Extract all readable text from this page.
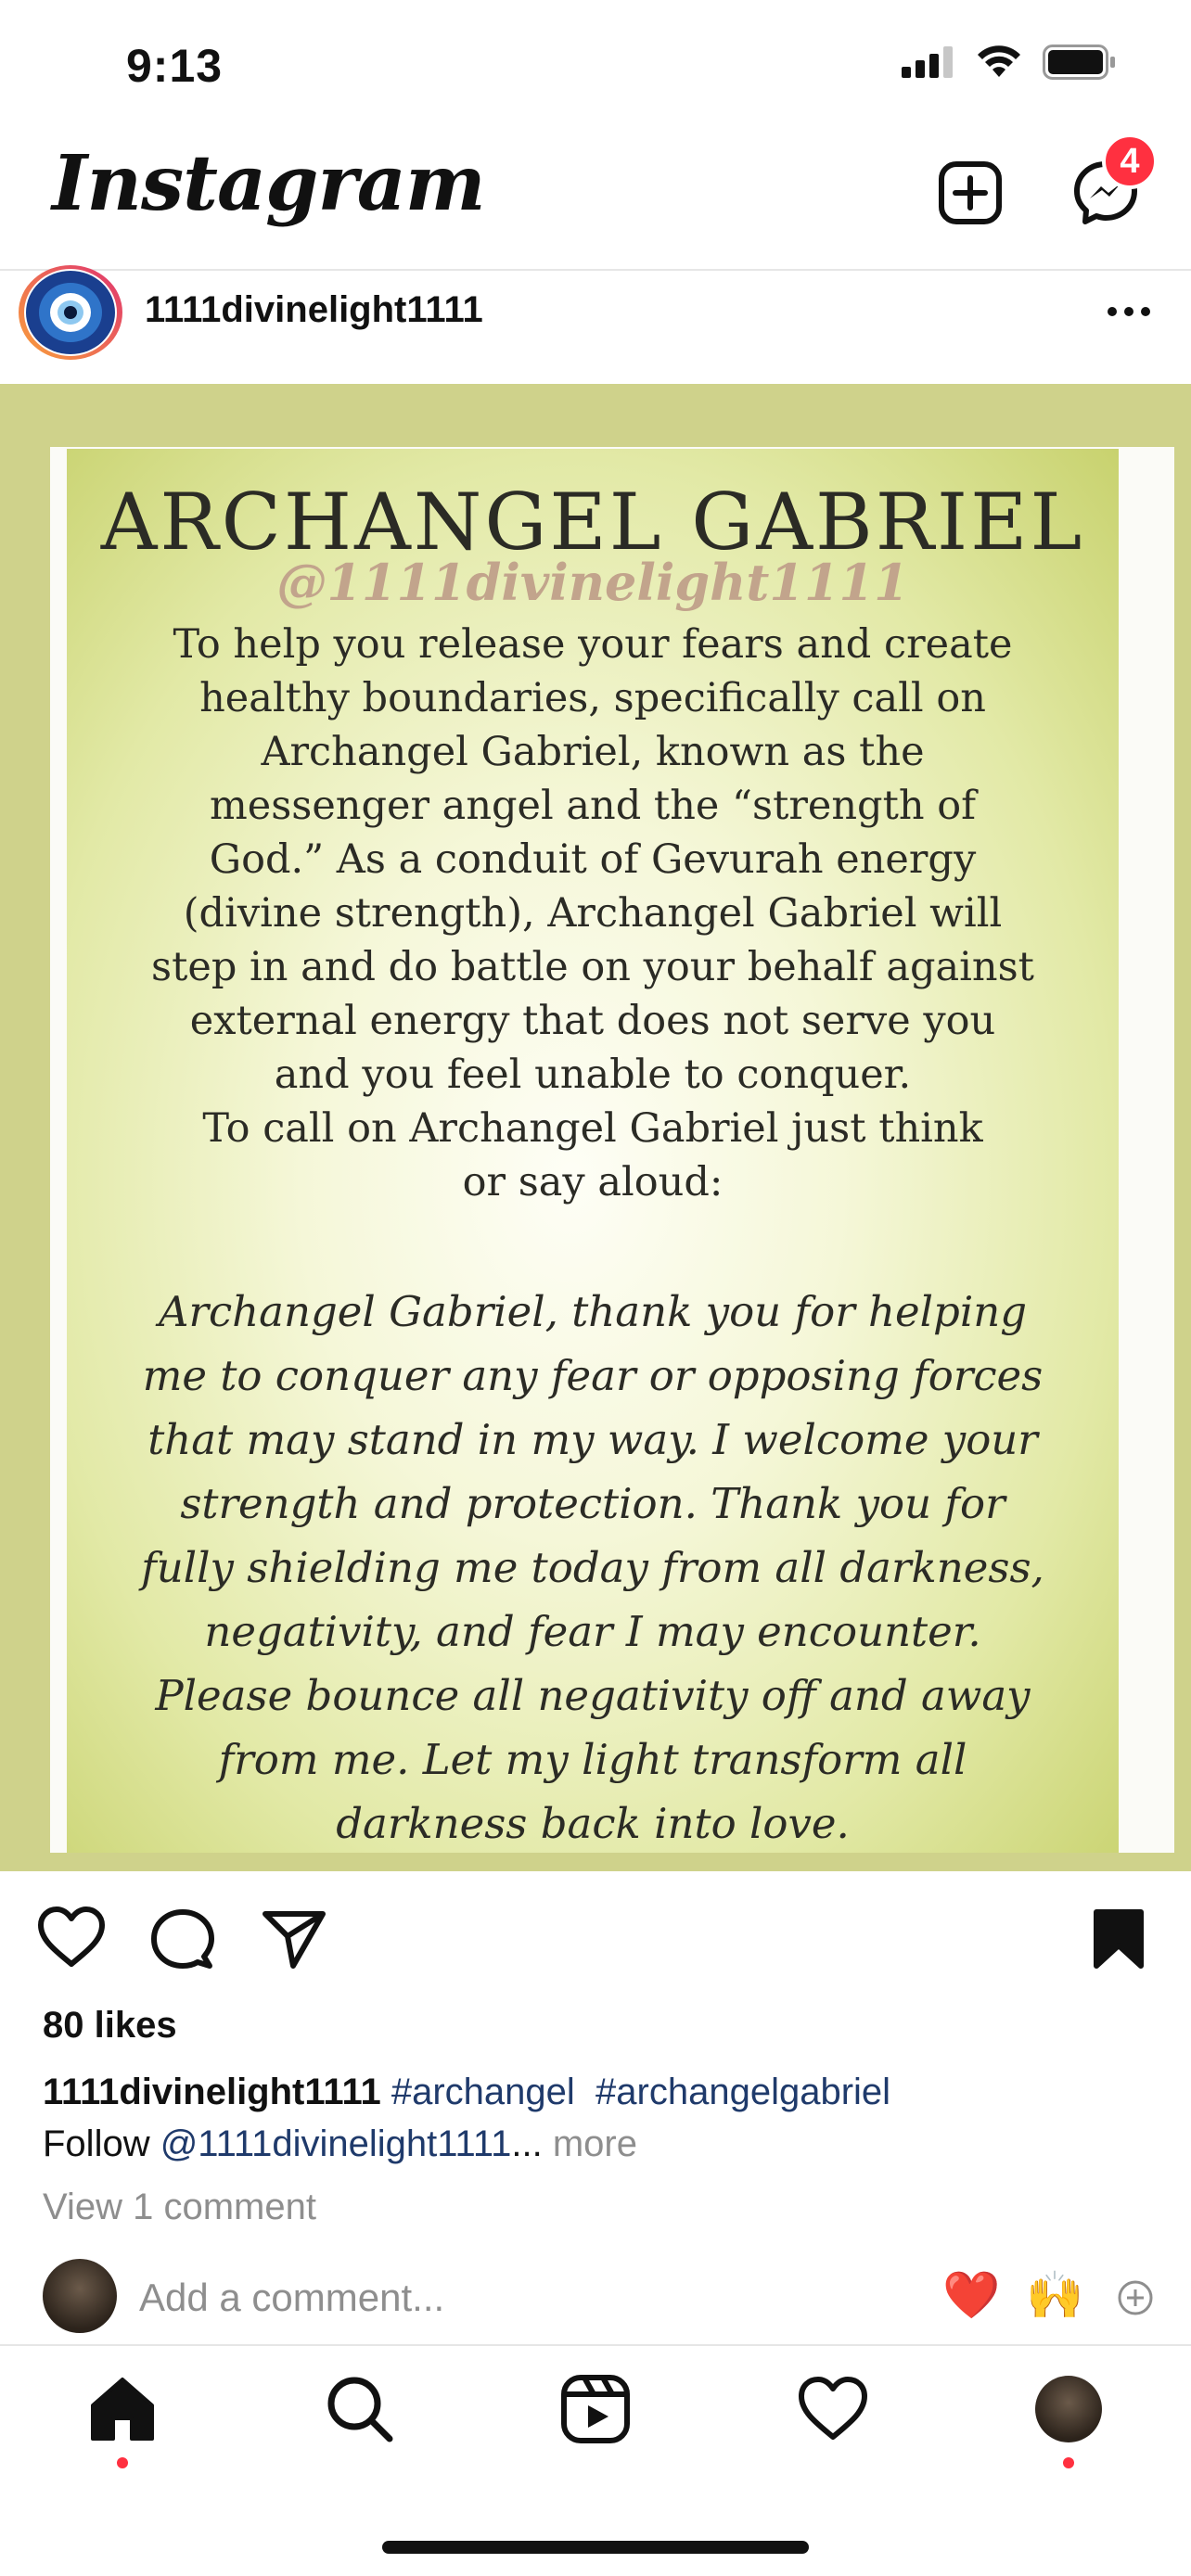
9:13
Instagram	4
1111divinelight1111
ARCHANGEL GABRIEL
@1111divinelight1111
To help you release your fears and create healthy boundaries, specifically call on Archangel Gabriel, known as the messenger angel and the “strength of God.” As a conduit of Gevurah energy (divine strength), Archangel Gabriel will step in and do battle on your behalf against external energy that does not serve you and you feel unable to conquer.
To call on Archangel Gabriel just think or say aloud:
Archangel Gabriel, thank you for helping me to conquer any fear or opposing forces that may stand in my way. I welcome your strength and protection. Thank you for fully shielding me today from all darkness, negativity, and fear I may encounter. Please bounce all negativity off and away from me. Let my light transform all darkness back into love.
80 likes
1111divinelight1111 #archangel #archangelgabriel
Follow @1111divinelight1111... more
View 1 comment
Add a comment...	❤️ 🙌
